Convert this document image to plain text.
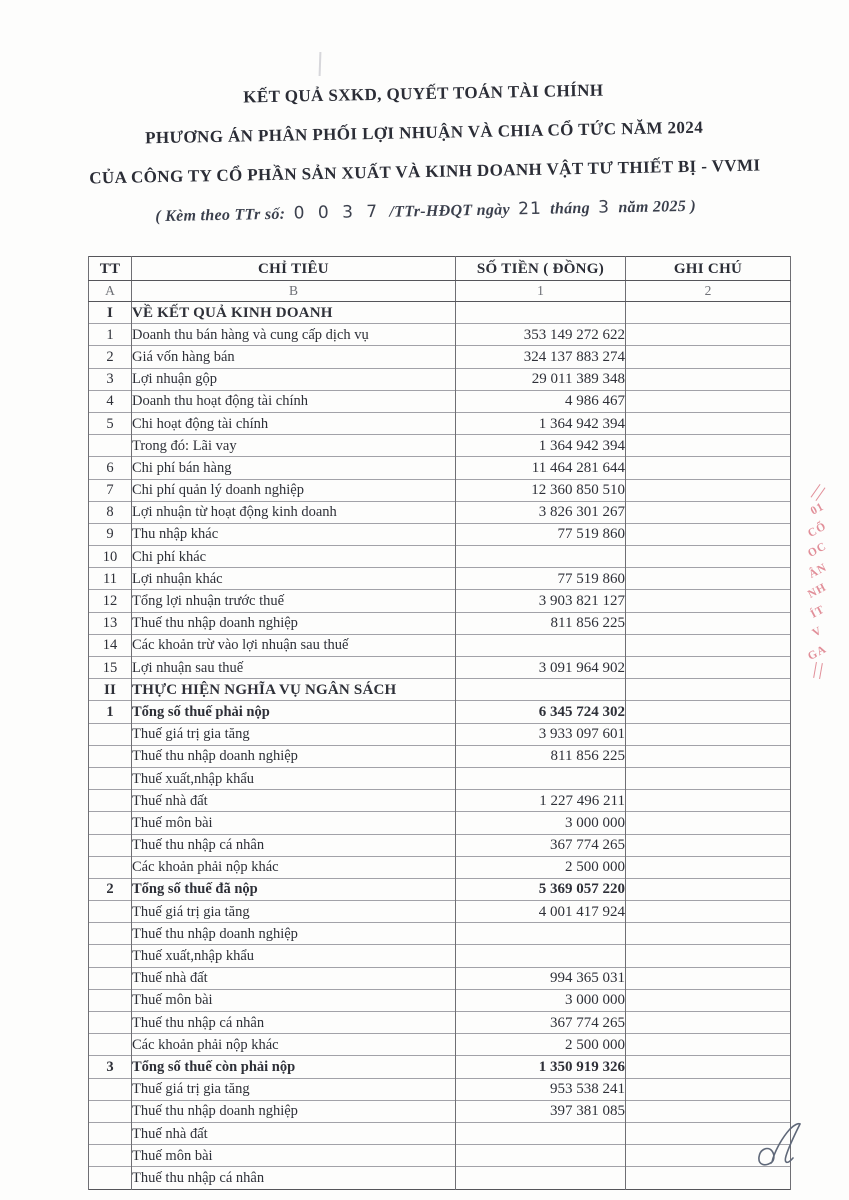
KẾT QUẢ SXKD, QUYẾT TOÁN TÀI CHÍNH
PHƯƠNG ÁN PHÂN PHỐI LỢI NHUẬN VÀ CHIA CỔ TỨC NĂM 2024
CỦA CÔNG TY CỔ PHẦN SẢN XUẤT VÀ KINH DOANH VẬT TƯ THIẾT BỊ - VVMI
( Kèm theo TTr số: 0 0 3 7 /TTr-HĐQT ngày 21 tháng 3 năm 2025 )
TT	CHỈ TIÊU	SỐ TIỀN ( ĐỒNG)	GHI CHÚ
A	B	1	2
I	VỀ KẾT QUẢ KINH DOANH		
1	Doanh thu bán hàng và cung cấp dịch vụ	353 149 272 622	
2	Giá vốn hàng bán	324 137 883 274	
3	Lợi nhuận gộp	29 011 389 348	
4	Doanh thu hoạt động tài chính	4 986 467	
5	Chi hoạt động tài chính	1 364 942 394	
	Trong đó: Lãi vay	1 364 942 394	
6	Chi phí bán hàng	11 464 281 644	
7	Chi phí quản lý doanh nghiệp	12 360 850 510	
8	Lợi nhuận từ hoạt động kinh doanh	3 826 301 267	
9	Thu nhập khác	77 519 860	
10	Chi phí khác		
11	Lợi nhuận khác	77 519 860	
12	Tổng lợi nhuận trước thuế	3 903 821 127	
13	Thuế thu nhập doanh nghiệp	811 856 225	
14	Các khoản trừ vào lợi nhuận sau thuế		
15	Lợi nhuận sau thuế	3 091 964 902	
II	THỰC HIỆN NGHĨA VỤ NGÂN SÁCH		
1	Tổng số thuế phải nộp	6 345 724 302	
	Thuế giá trị gia tăng	3 933 097 601	
	Thuế thu nhập doanh nghiệp	811 856 225	
	Thuế xuất,nhập khẩu		
	Thuế nhà đất	1 227 496 211	
	Thuế môn bài	3 000 000	
	Thuế thu nhập cá nhân	367 774 265	
	Các khoản phải nộp khác	2 500 000	
2	Tổng số thuế đã nộp	5 369 057 220	
	Thuế giá trị gia tăng	4 001 417 924	
	Thuế thu nhập doanh nghiệp		
	Thuế xuất,nhập khẩu		
	Thuế nhà đất	994 365 031	
	Thuế môn bài	3 000 000	
	Thuế thu nhập cá nhân	367 774 265	
	Các khoản phải nộp khác	2 500 000	
3	Tổng số thuế còn phải nộp	1 350 919 326	
	Thuế giá trị gia tăng	953 538 241	
	Thuế thu nhập doanh nghiệp	397 381 085	
	Thuế nhà đất		
	Thuế môn bài		
	Thuế thu nhập cá nhân		
01
CỔ
OC
ÂN
NH
ÍT
V
GA
